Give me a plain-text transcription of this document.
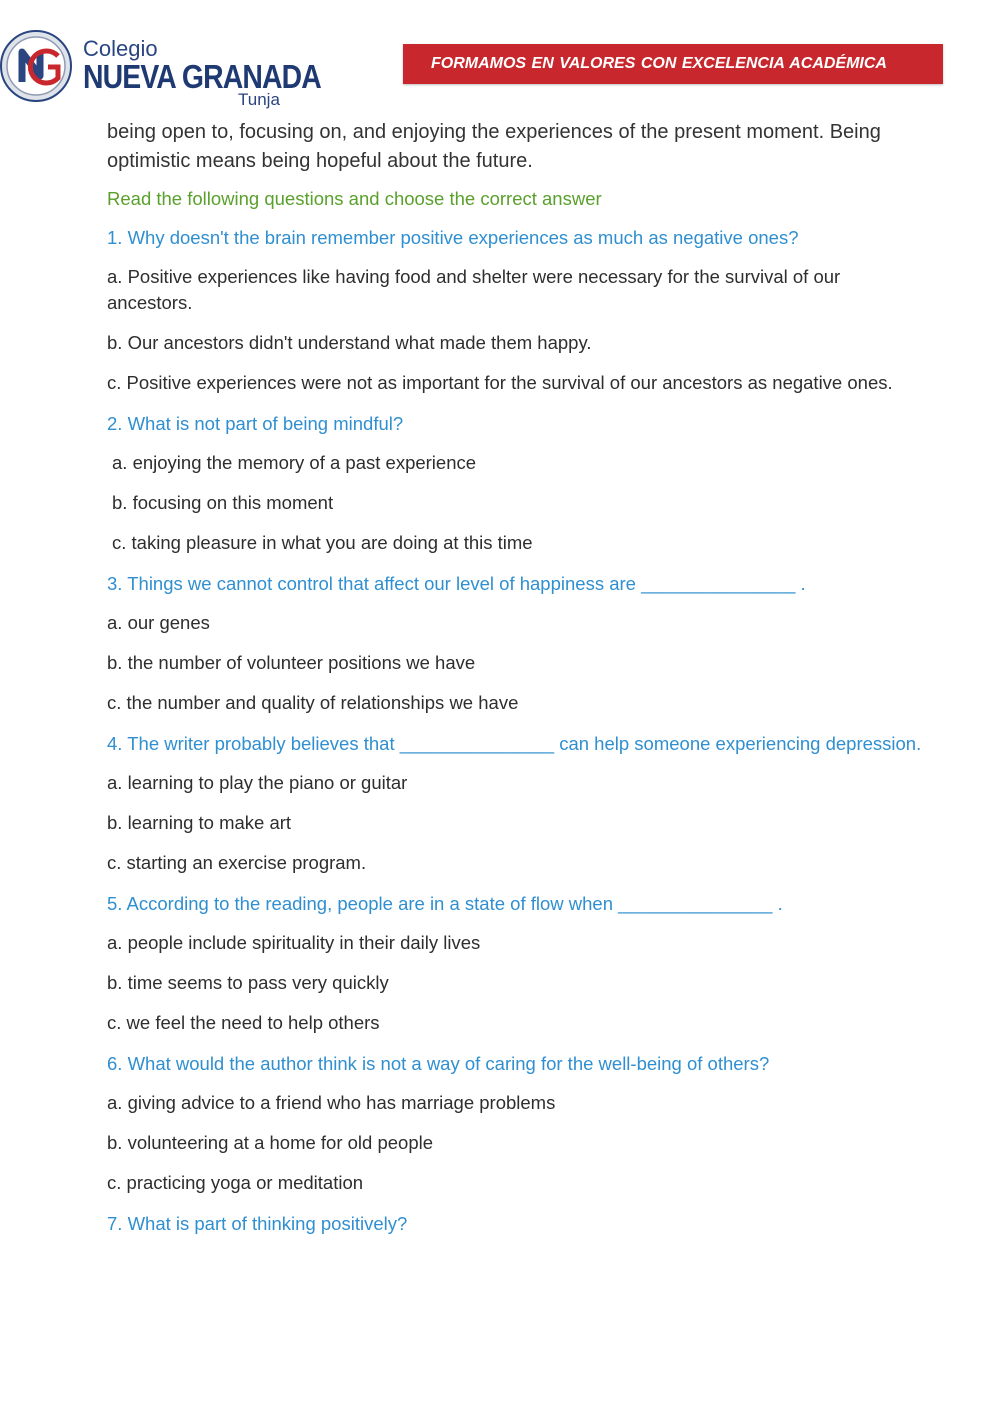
Colegio
NUEVA GRANADA
Tunja
FORMAMOS EN VALORES CON EXCELENCIA ACADÉMICA

being open to, focusing on, and enjoying the experiences of the present moment. Being optimistic means being hopeful about the future.

Read the following questions and choose the correct answer

1. Why doesn't the brain remember positive experiences as much as negative ones?

a. Positive experiences like having food and shelter were necessary for the survival of our ancestors.

b. Our ancestors didn't understand what made them happy.

c. Positive experiences were not as important for the survival of our ancestors as negative ones.

2. What is not part of being mindful?

a. enjoying the memory of a past experience

b. focusing on this moment

c. taking pleasure in what you are doing at this time

3. Things we cannot control that affect our level of happiness are _______________ .

a. our genes

b. the number of volunteer positions we have

c. the number and quality of relationships we have

4. The writer probably believes that _______________ can help someone experiencing depression.

a. learning to play the piano or guitar

b. learning to make art

c. starting an exercise program.

5. According to the reading, people are in a state of flow when _______________ .

a. people include spirituality in their daily lives

b. time seems to pass very quickly

c. we feel the need to help others

6. What would the author think is not a way of caring for the well-being of others?

a. giving advice to a friend who has marriage problems

b. volunteering at a home for old people

c. practicing yoga or meditation

7. What is part of thinking positively?
